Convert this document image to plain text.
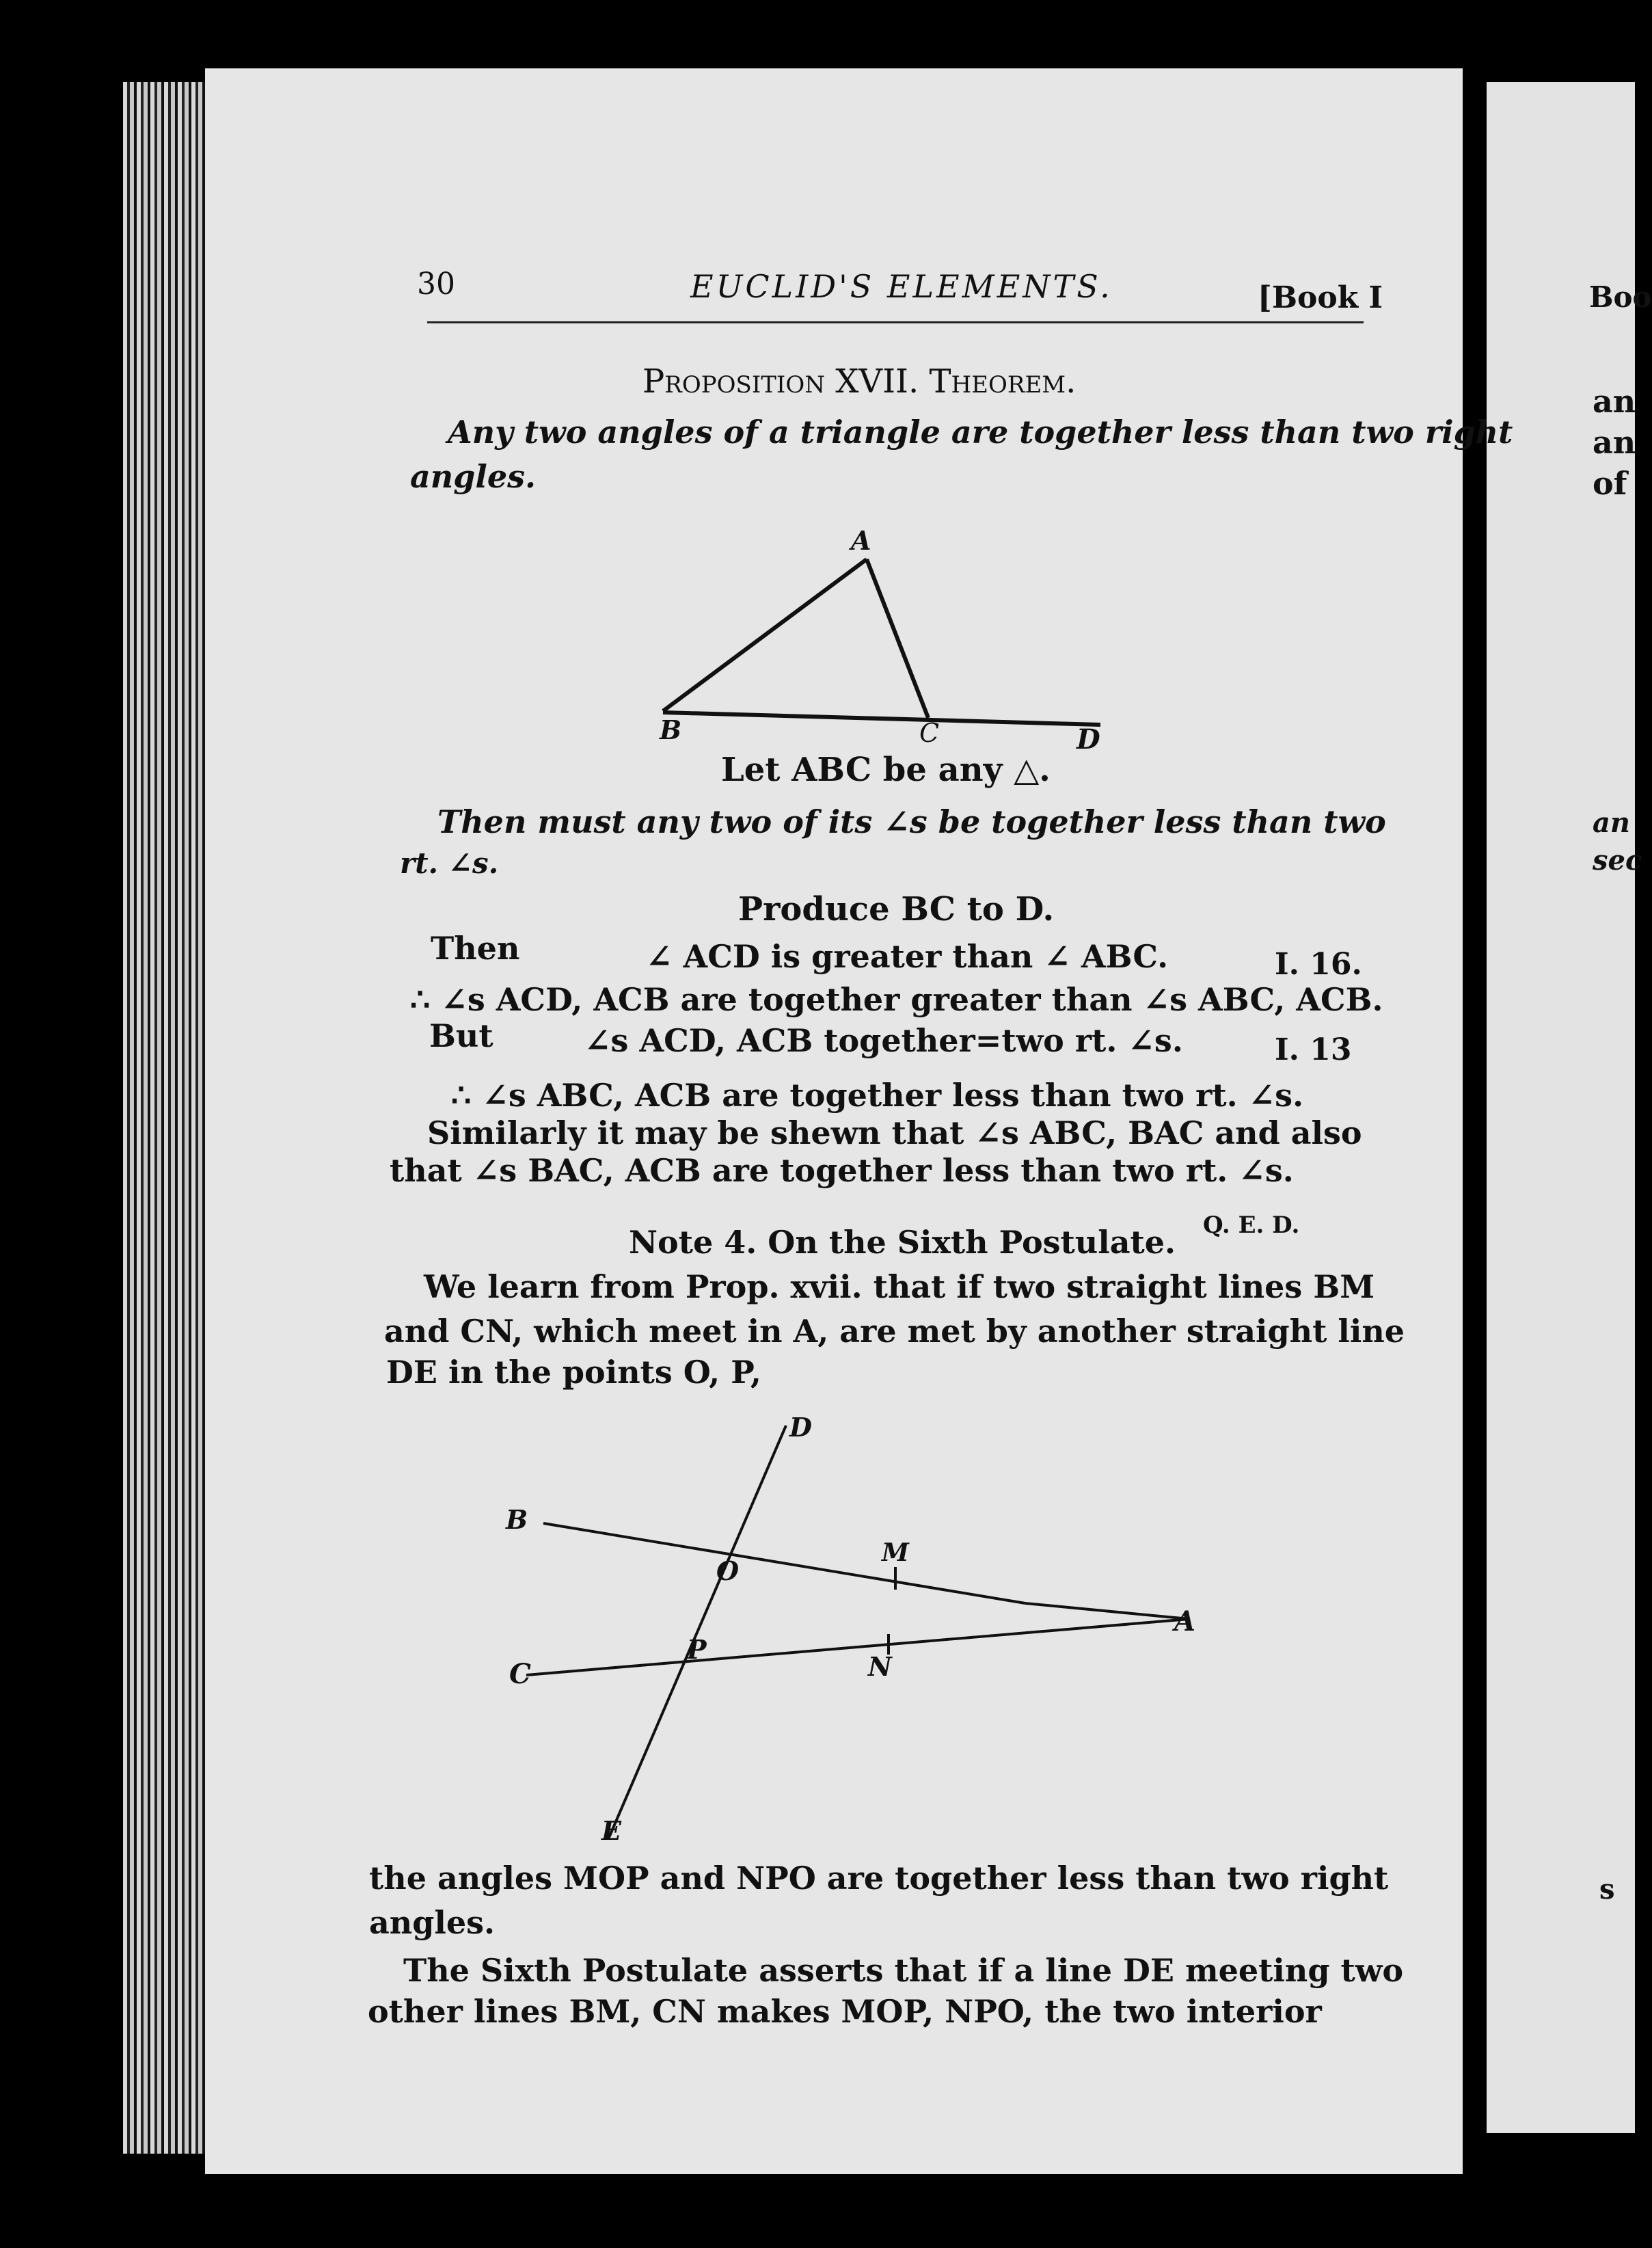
Boo
an
an
of
an
sec
s
30	EUCLID'S ELEMENTS.	[Book I
Proposition XVII. Theorem.
Any two angles of a triangle are together less than two right
angles.
A
B	C	D
Let ABC be any △.
Then must any two of its ∠s be together less than two
rt. ∠s.
Produce BC to D.
Then	∠ ACD is greater than ∠ ABC.	I. 16.
∴ ∠s ACD, ACB are together greater than ∠s ABC, ACB.
But	∠s ACD, ACB together=two rt. ∠s.	I. 13
∴ ∠s ABC, ACB are together less than two rt. ∠s.
Similarly it may be shewn that ∠s ABC, BAC and also
that ∠s BAC, ACB are together less than two rt. ∠s.
Q. E. D.
Note 4. On the Sixth Postulate.
We learn from Prop. xvii. that if two straight lines BM
and CN, which meet in A, are met by another straight line
DE in the points O, P,
D
B
O
M
A
P
C	N
E
the angles MOP and NPO are together less than two right
angles.
The Sixth Postulate asserts that if a line DE meeting two
other lines BM, CN makes MOP, NPO, the two interior
